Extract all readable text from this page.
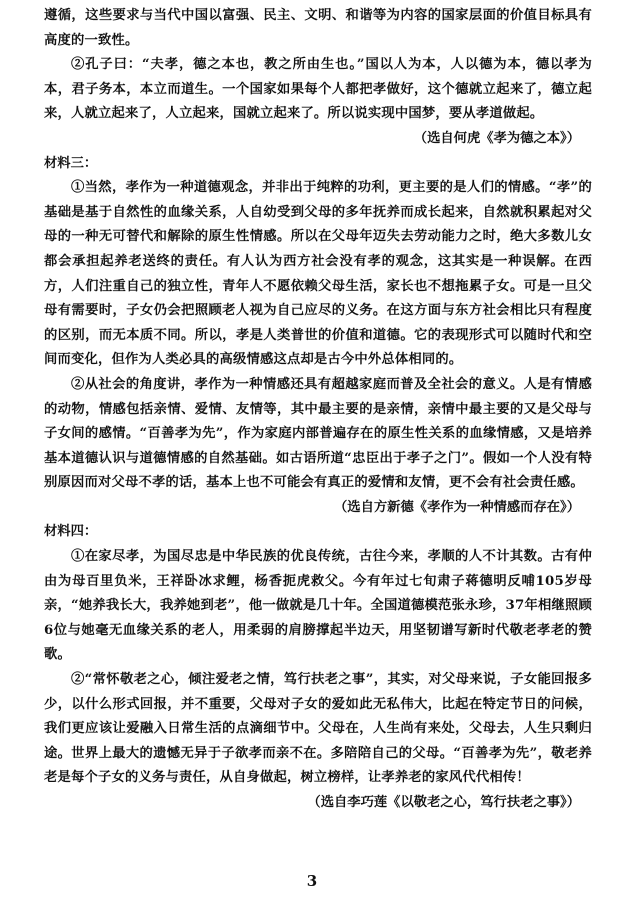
遵循，这些要求与当代中国以富强、民主、文明、和谐等为内容的国家层面的价值目标具有高度的一致性。

②孔子曰：“夫孝，德之本也，教之所由生也。”国以人为本，人以德为本，德以孝为本，君子务本，本立而道生。一个国家如果每个人都把孝做好，这个德就立起来了，德立起来，人就立起来了，人立起来，国就立起来了。所以说实现中国梦，要从孝道做起。

（选自何虎《孝为德之本》）

材料三：

①当然，孝作为一种道德观念，并非出于纯粹的功利，更主要的是人们的情感。“孝”的基础是基于自然性的血缘关系，人自幼受到父母的多年抚养而成长起来，自然就积累起对父母的一种无可替代和解除的原生性情感。所以在父母年迈失去劳动能力之时，绝大多数儿女都会承担起养老送终的责任。有人认为西方社会没有孝的观念，这其实是一种误解。在西方，人们注重自己的独立性，青年人不愿依赖父母生活，家长也不想拖累子女。可是一旦父母有需要时，子女仍会把照顾老人视为自己应尽的义务。在这方面与东方社会相比只有程度的区别，而无本质不同。所以，孝是人类普世的价值和道德。它的表现形式可以随时代和空间而变化，但作为人类必具的高级情感这点却是古今中外总体相同的。

②从社会的角度讲，孝作为一种情感还具有超越家庭而普及全社会的意义。人是有情感的动物，情感包括亲情、爱情、友情等，其中最主要的是亲情，亲情中最主要的又是父母与子女间的感情。“百善孝为先”，作为家庭内部普遍存在的原生性关系的血缘情感，又是培养基本道德认识与道德情感的自然基础。如古语所道“忠臣出于孝子之门”。假如一个人没有特别原因而对父母不孝的话，基本上也不可能会有真正的爱情和友情，更不会有社会责任感。

（选自方新德《孝作为一种情感而存在》）

材料四：

①在家尽孝，为国尽忠是中华民族的优良传统，古往今来，孝顺的人不计其数。古有仲由为母百里负米，王祥卧冰求鲤，杨香扼虎救父。今有年过七旬肃子蒋德明反哺105岁母亲，“她养我长大，我养她到老”，他一做就是几十年。全国道德模范张永珍，37年相继照顾6位与她毫无血缘关系的老人，用柔弱的肩膀撑起半边天，用坚韧谱写新时代敬老孝老的赞歌。

②“常怀敬老之心，倾注爱老之情，笃行扶老之事”，其实，对父母来说，子女能回报多少，以什么形式回报，并不重要，父母对子女的爱如此无私伟大，比起在特定节日的问候，我们更应该让爱融入日常生活的点滴细节中。父母在，人生尚有来处，父母去，人生只剩归途。世界上最大的遗憾无异于子欲孝而亲不在。多陪陪自己的父母。“百善孝为先”，敬老养老是每个子女的义务与责任，从自身做起，树立榜样，让孝养老的家风代代相传！

（选自李巧莲《以敬老之心，笃行扶老之事》）

3
